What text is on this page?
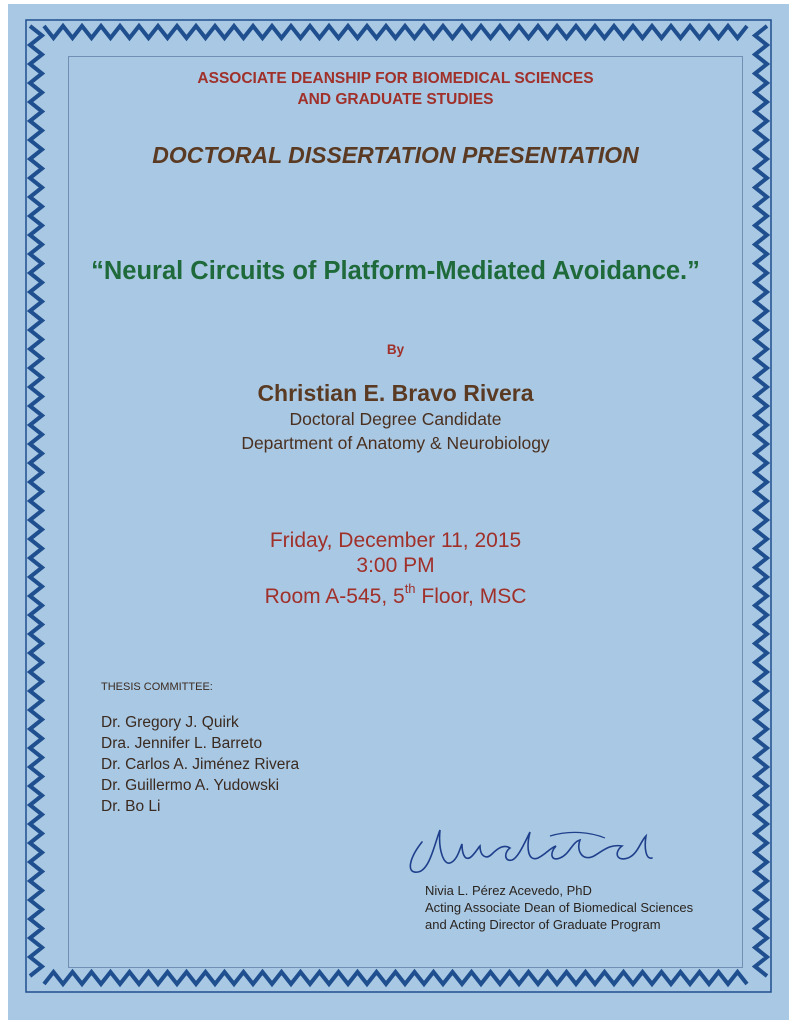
ASSOCIATE DEANSHIP FOR BIOMEDICAL SCIENCES
AND GRADUATE STUDIES
DOCTORAL DISSERTATION PRESENTATION
“Neural Circuits of Platform-Mediated Avoidance.”
By
Christian E. Bravo Rivera
Doctoral Degree Candidate
Department of Anatomy & Neurobiology
Friday, December 11, 2015
3:00 PM
Room A-545, 5th Floor, MSC
THESIS COMMITTEE:
Dr. Gregory J. Quirk
Dra. Jennifer L. Barreto
Dr. Carlos A. Jiménez Rivera
Dr. Guillermo A. Yudowski
Dr. Bo Li
Nivia L. Pérez Acevedo, PhD
Acting Associate Dean of Biomedical Sciences
and Acting Director of Graduate Program
